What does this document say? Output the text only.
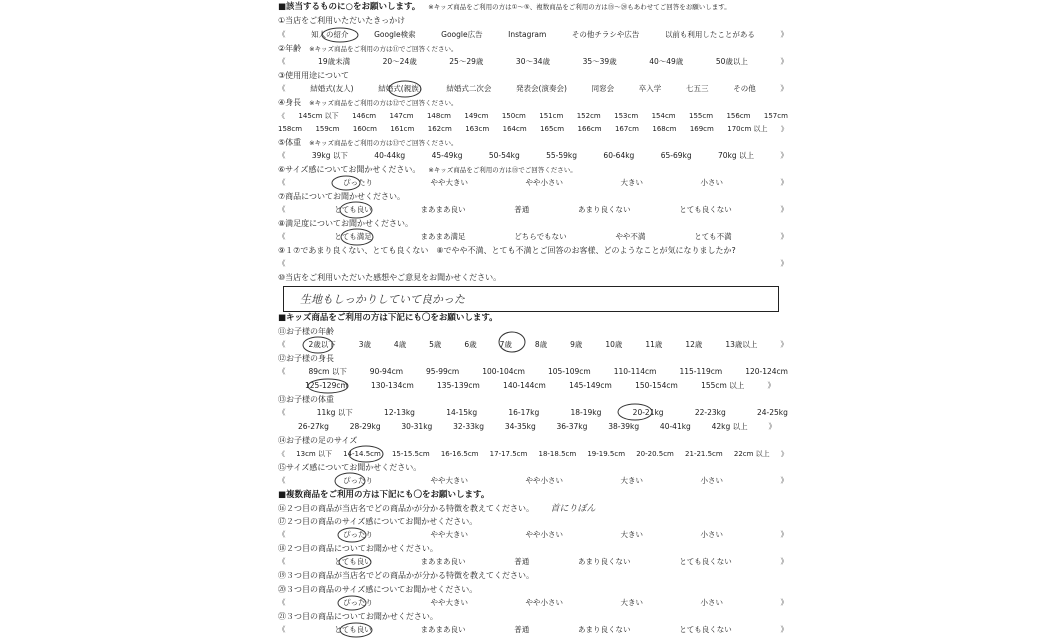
■該当するものに○をお願いします。 ※キッズ商品をご利用の方は①〜⑤、複数商品をご利用の方は⑮〜⑳もあわせてご回答をお願いします。
①当店をご利用いただいたきっかけ
《	知人の紹介	Google検索	Google広告	Instagram	その他チラシや広告	以前も利用したことがある	》
②年齢 ※キッズ商品をご利用の方は⑪でご回答ください。
《	19歳未満	20〜24歳	25〜29歳	30〜34歳	35〜39歳	40〜49歳	50歳以上	》
③使用用途について
《	結婚式(友人)	結婚式(親族)	結婚式二次会	発表会(演奏会)	同窓会	卒入学	七五三	その他	》
④身長 ※キッズ商品をご利用の方は⑫でご回答ください。
《 145cm 以下 146cm 147cm 148cm 149cm 150cm 151cm 152cm 153cm 154cm 155cm 156cm 157cm
158cm 159cm 160cm 161cm 162cm 163cm 164cm 165cm 166cm 167cm 168cm 169cm 170cm 以上 》
⑤体重 ※キッズ商品をご利用の方は⑬でご回答ください。
《	39kg 以下	40-44kg	45-49kg	50-54kg	55-59kg	60-64kg	65-69kg	70kg 以上	》
⑥サイズ感についてお聞かせください。 ※キッズ商品をご利用の方は⑮でご回答ください。
《	ぴったり	やや大きい	やや小さい	大きい	小さい	》
⑦商品についてお聞かせください。
《	とても良い	まあまあ良い	普通	あまり良くない	とても良くない	》
⑧満足度についてお聞かせください。
《	とても満足	まあまあ満足	どちらでもない	やや不満	とても不満	》
⑨１⑦であまり良くない、とても良くない　⑧でやや不満、とても不満とご回答のお客様、どのようなことが気になりましたか?
《	》
⑩当店をご利用いただいた感想やご意見をお聞かせください。
生地もしっかりしていて良かった
■キッズ商品をご利用の方は下記にも〇をお願いします。
⑪お子様の年齢
《	2歳以下	3歳	4歳	5歳	6歳	7歳	8歳	9歳	10歳	11歳	12歳	13歳以上	》
⑫お子様の身長
《	89cm 以下	90-94cm	95-99cm	100-104cm	105-109cm	110-114cm	115-119cm	120-124cm
125-129cm	130-134cm	135-139cm	140-144cm	145-149cm	150-154cm	155cm 以上	》
⑬お子様の体重
《	11kg 以下	12-13kg	14-15kg	16-17kg	18-19kg	20-21kg	22-23kg	24-25kg
26-27kg	28-29kg	30-31kg	32-33kg	34-35kg	36-37kg	38-39kg	40-41kg	42kg 以上	》
⑭お子様の足のサイズ
《 13cm 以下 14-14.5cm 15-15.5cm 16-16.5cm 17-17.5cm 18-18.5cm 19-19.5cm 20-20.5cm 21-21.5cm 22cm 以上 》
⑮サイズ感についてお聞かせください。
《	ぴったり	やや大きい	やや小さい	大きい	小さい	》
■複数商品をご利用の方は下記にも〇をお願いします。
⑯２つ目の商品が当店名でどの商品かが分かる特徴を教えてください。 首にりぼん
⑰２つ目の商品のサイズ感についてお聞かせください。
《	ぴったり	やや大きい	やや小さい	大きい	小さい	》
⑱２つ目の商品についてお聞かせください。
《	とても良い	まあまあ良い	普通	あまり良くない	とても良くない	》
⑲３つ目の商品が当店名でどの商品かが分かる特徴を教えてください。
⑳３つ目の商品のサイズ感についてお聞かせください。
《	ぴったり	やや大きい	やや小さい	大きい	小さい	》
㉑３つ目の商品についてお聞かせください。
《	とても良い	まあまあ良い	普通	あまり良くない	とても良くない	》
